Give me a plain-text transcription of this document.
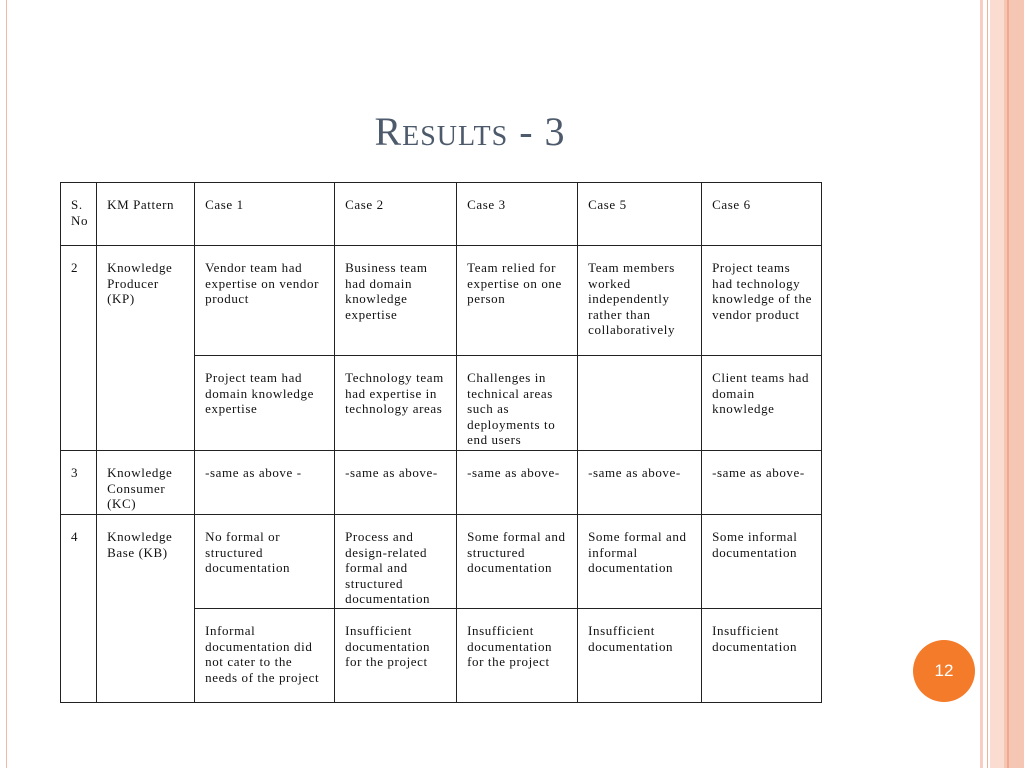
Results - 3
S. No	KM Pattern	Case 1	Case 2	Case 3	Case 5	Case 6
2	Knowledge Producer (KP)	Vendor team had expertise on vendor product	Business team had domain knowledge expertise	Team relied for expertise on one person	Team members worked independently rather than collaboratively	Project teams had technology knowledge of the vendor product
		Project team had domain knowledge expertise	Technology team had expertise in technology areas	Challenges in technical areas such as deployments to end users		Client teams had domain knowledge
3	Knowledge Consumer (KC)	-same as above -	-same as above-	-same as above-	-same as above-	-same as above-
4	Knowledge Base (KB)	No formal or structured documentation	Process and design-related formal and structured documentation	Some formal and structured documentation	Some formal and informal documentation	Some informal documentation
		Informal documentation did not cater to the needs of the project	Insufficient documentation for the project	Insufficient documentation for the project	Insufficient documentation	Insufficient documentation
12
